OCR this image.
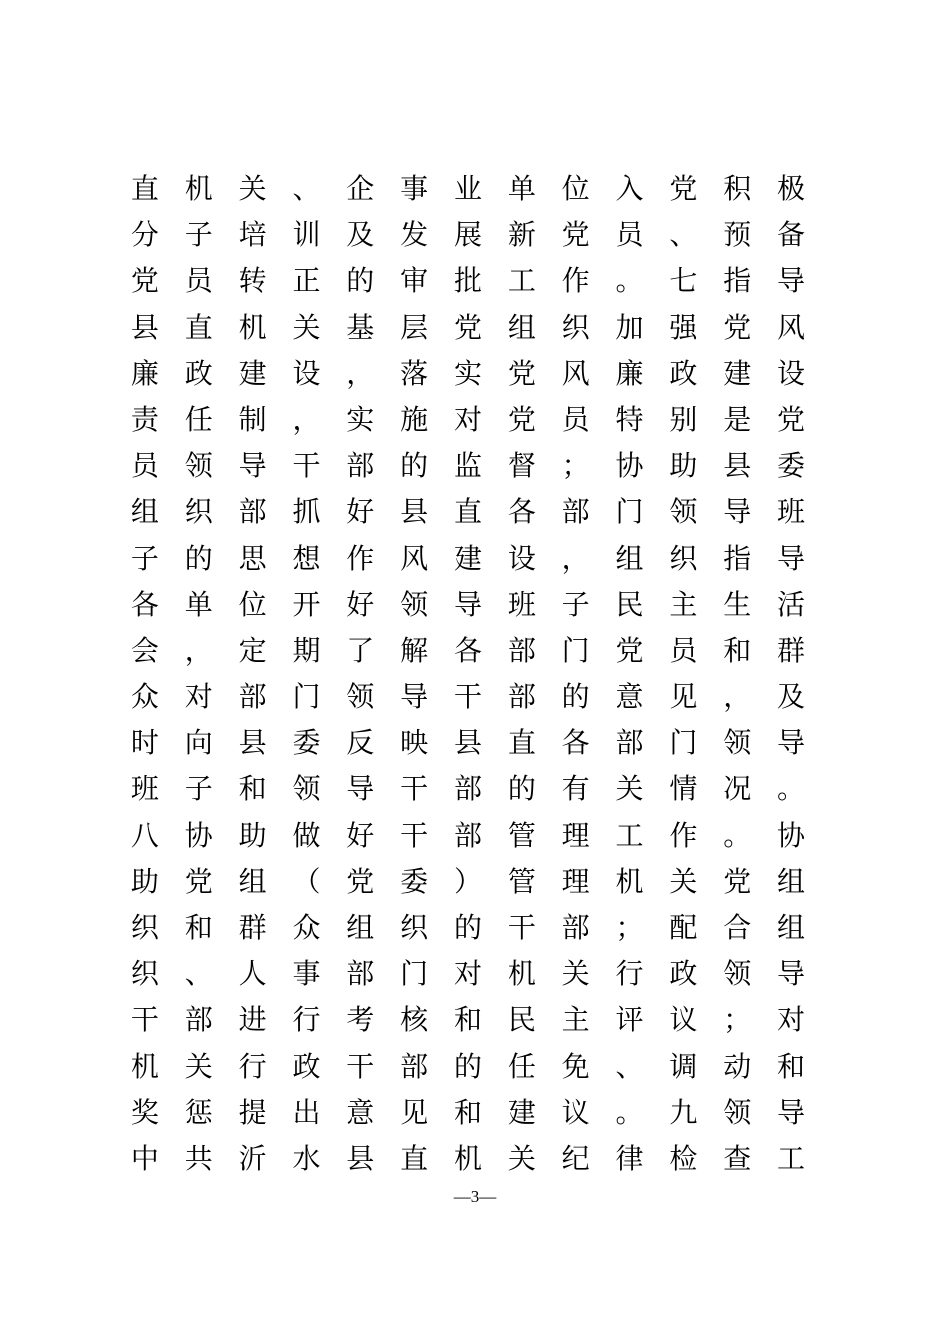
直 机 关 、 企 事 业 单 位 入 党 积 极
分 子 培 训 及 发 展 新 党 员 、 预 备
党 员 转 正 的 审 批 工 作 。 七 指 导
县 直 机 关 基 层 党 组 织 加 强 党 风
廉 政 建 设 ， 落 实 党 风 廉 政 建 设
责 任 制 ， 实 施 对 党 员 特 别 是 党
员 领 导 干 部 的 监 督 ； 协 助 县 委
组 织 部 抓 好 县 直 各 部 门 领 导 班
子 的 思 想 作 风 建 设 ， 组 织 指 导
各 单 位 开 好 领 导 班 子 民 主 生 活
会 ， 定 期 了 解 各 部 门 党 员 和 群
众 对 部 门 领 导 干 部 的 意 见 ， 及
时 向 县 委 反 映 县 直 各 部 门 领 导
班 子 和 领 导 干 部 的 有 关 情 况 。
八 协 助 做 好 干 部 管 理 工 作 。 协
助 党 组 （ 党 委 ） 管 理 机 关 党 组
织 和 群 众 组 织 的 干 部 ； 配 合 组
织 、 人 事 部 门 对 机 关 行 政 领 导
干 部 进 行 考 核 和 民 主 评 议 ； 对
机 关 行 政 干 部 的 任 免 、 调 动 和
奖 惩 提 出 意 见 和 建 议 。 九 领 导
中 共 沂 水 县 直 机 关 纪 律 检 查 工
—3—
